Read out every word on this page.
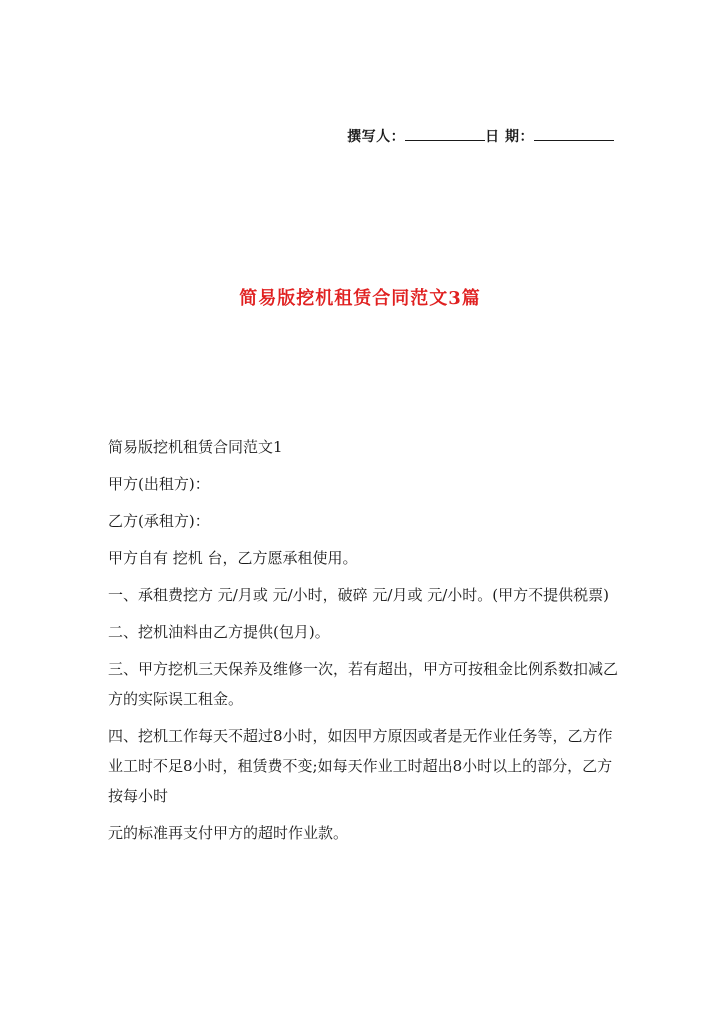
撰写人：	日 期：
简易版挖机租赁合同范文3篇

简易版挖机租赁合同范文1

甲方(出租方)：

乙方(承租方)：

甲方自有 挖机 台，乙方愿承租使用。

一、承租费挖方 元/月或 元/小时，破碎 元/月或 元/小时。(甲方不提供税票)

二、挖机油料由乙方提供(包月)。

三、甲方挖机三天保养及维修一次，若有超出，甲方可按租金比例系数扣减乙方的实际误工租金。

四、挖机工作每天不超过8小时，如因甲方原因或者是无作业任务等，乙方作业工时不足8小时，租赁费不变;如每天作业工时超出8小时以上的部分，乙方按每小时

元的标准再支付甲方的超时作业款。
